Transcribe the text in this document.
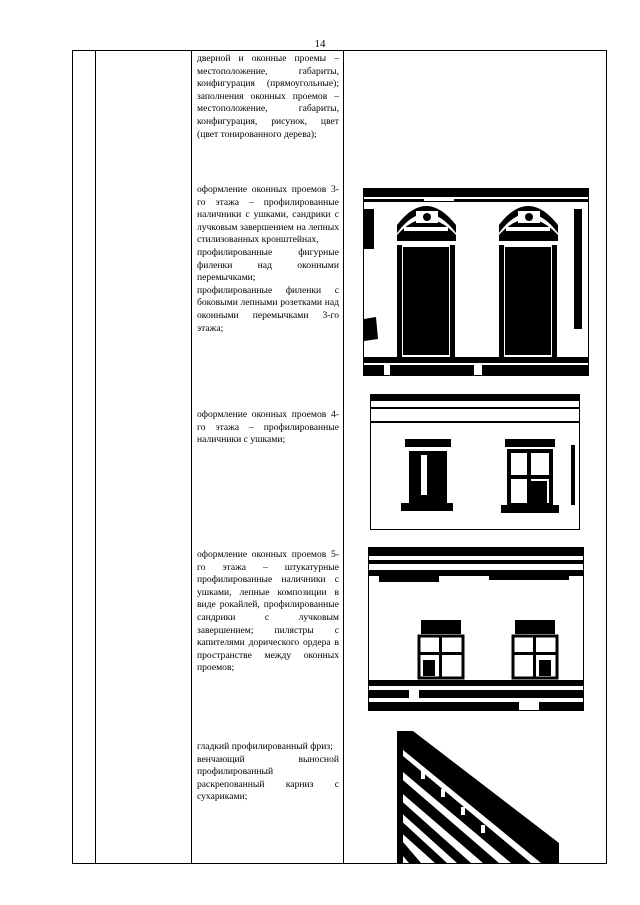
14

дверной и оконные проемы – местоположение, габариты, конфигурация (прямоугольные); заполнения оконных проемов – местоположение, габариты, конфигурация, рисунок, цвет (цвет тонированного дерева);

оформление оконных проемов 3-го этажа – профилированные наличники с ушками, сандрики с лучковым завершением на лепных стилизованных кронштейнах,

профилированные фигурные филенки над оконными перемычками;

профилированные филенки с боковыми лепными розетками над оконными перемычками 3-го этажа;

оформление оконных проемов 4-го этажа – профилированные наличники с ушками;

оформление оконных проемов 5-го этажа – штукатурные профилированные наличники с ушками, лепные композиции в виде рокайлей, профилированные сандрики с лучковым завершением; пилястры с капителями дорического ордера в пространстве между оконных проемов;

гладкий профилированный фриз;

венчающий выносной профилированный раскрепованный карниз с сухариками;
